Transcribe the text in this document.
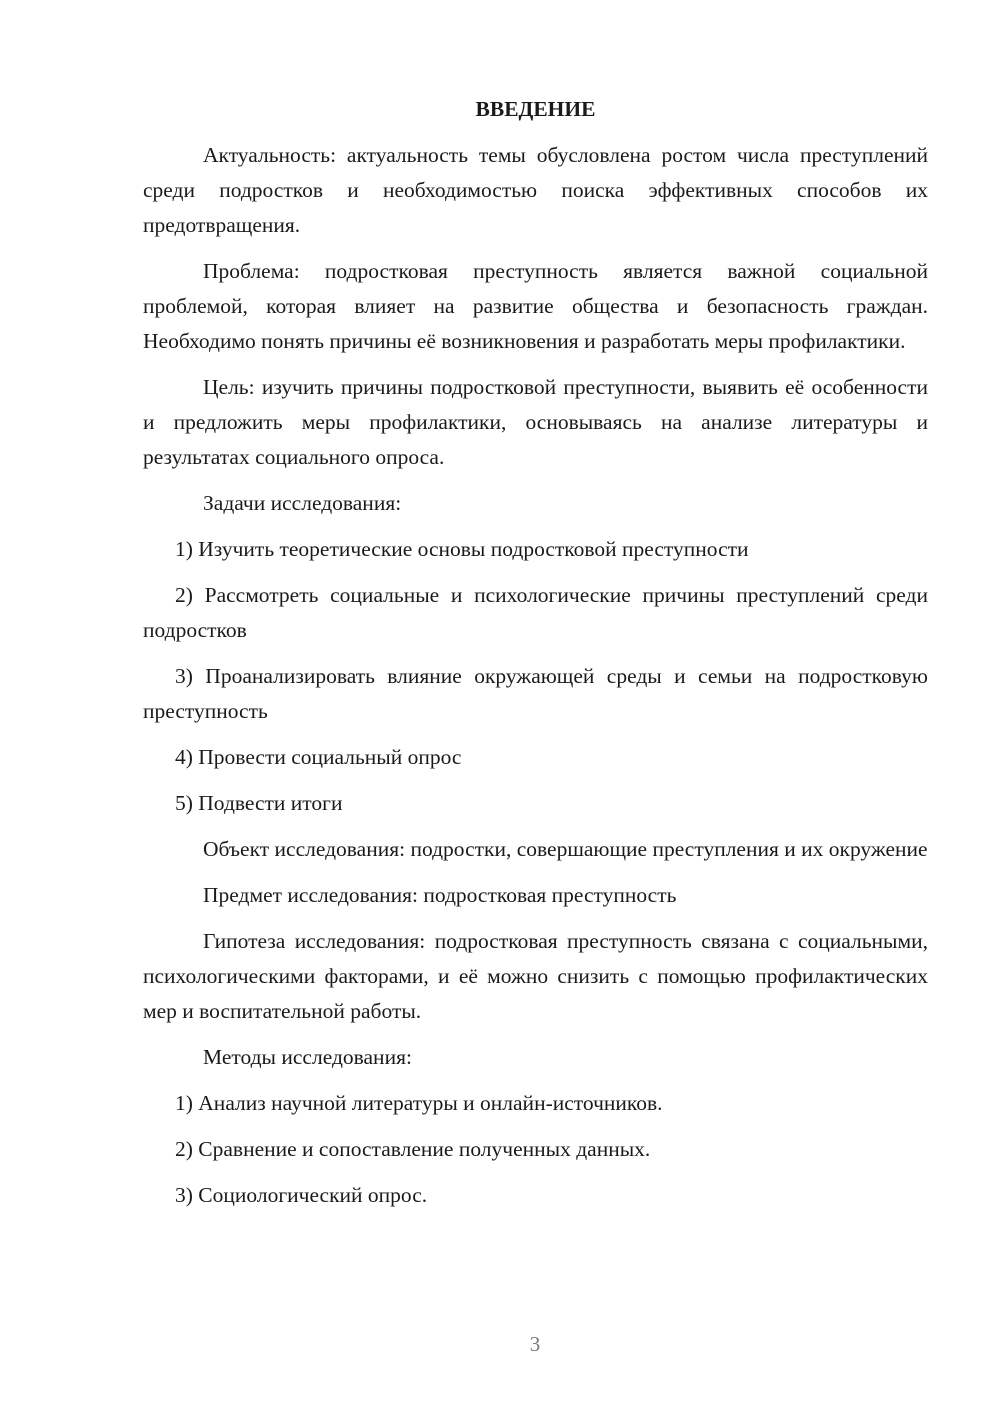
ВВЕДЕНИЕ

Актуальность: актуальность темы обусловлена ростом числа преступлений среди подростков и необходимостью поиска эффективных способов их предотвращения.

Проблема: подростковая преступность является важной социальной проблемой, которая влияет на развитие общества и безопасность граждан. Необходимо понять причины её возникновения и разработать меры профилактики.

Цель: изучить причины подростковой преступности, выявить её особенности и предложить меры профилактики, основываясь на анализе литературы и результатах социального опроса.

Задачи исследования:

1) Изучить теоретические основы подростковой преступности

2) Рассмотреть социальные и психологические причины преступлений среди подростков

3) Проанализировать влияние окружающей среды и семьи на подростковую преступность

4) Провести социальный опрос

5) Подвести итоги

Объект исследования: подростки, совершающие преступления и их окружение

Предмет исследования: подростковая преступность

Гипотеза исследования: подростковая преступность связана с социальными, психологическими факторами, и её можно снизить с помощью профилактических мер и воспитательной работы.

Методы исследования:

1) Анализ научной литературы и онлайн-источников.

2) Сравнение и сопоставление полученных данных.

3) Социологический опрос.

3
